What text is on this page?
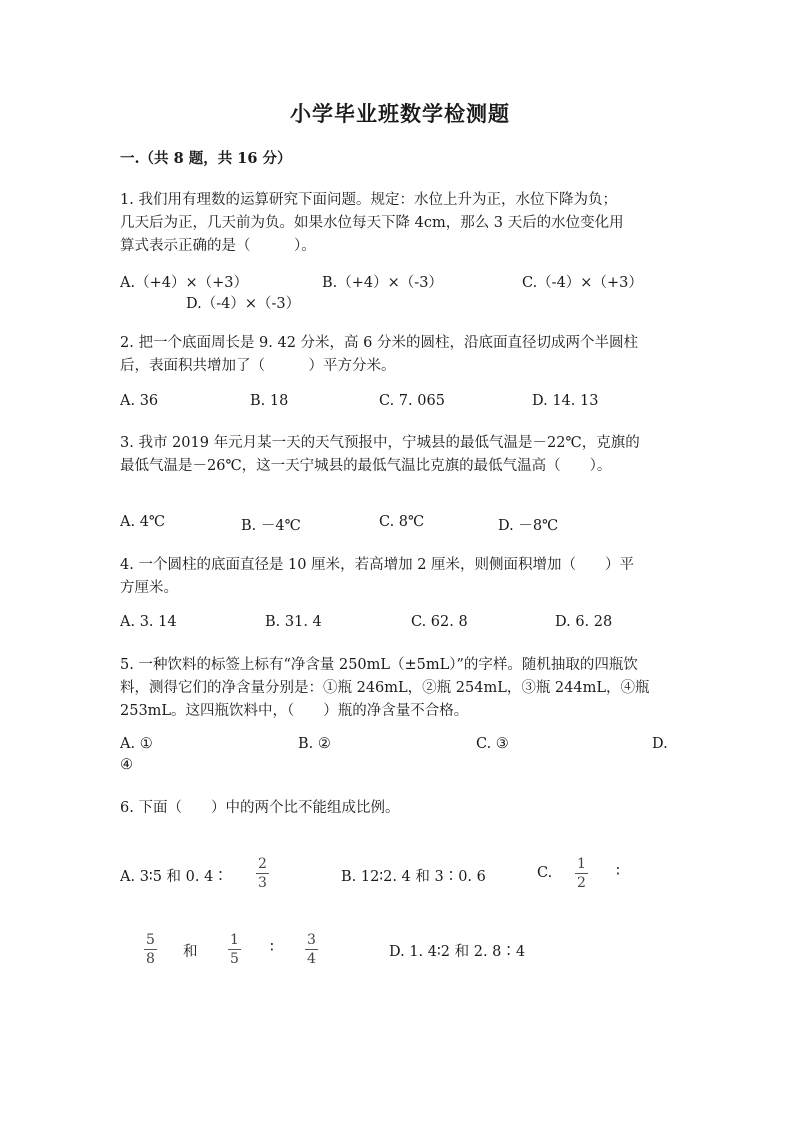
小学毕业班数学检测题
一.（共 8 题，共 16 分）
1. 我们用有理数的运算研究下面问题。规定：水位上升为正，水位下降为负；
几天后为正，几天前为负。如果水位每天下降 4cm，那么 3 天后的水位变化用
算式表示正确的是（　　　）。
A.（+4）×（+3）	B.（+4）×（-3）	C.（-4）×（+3）
D.（-4）×（-3）
2. 把一个底面周长是 9. 42 分米，高 6 分米的圆柱，沿底面直径切成两个半圆柱
后，表面积共增加了（　　　）平方分米。
A. 36	B. 18	C. 7. 065	D. 14. 13
3. 我市 2019 年元月某一天的天气预报中，宁城县的最低气温是－22℃，克旗的
最低气温是－26℃，这一天宁城县的最低气温比克旗的最低气温高（　　）。
A. 4℃	B. －4℃	C. 8℃	D. －8℃
4. 一个圆柱的底面直径是 10 厘米，若高增加 2 厘米，则侧面积增加（　　）平
方厘米。
A. 3. 14	B. 31. 4	C. 62. 8	D. 6. 28
5. 一种饮料的标签上标有“净含量 250mL（±5mL）”的字样。随机抽取的四瓶饮
料，测得它们的净含量分别是：①瓶 246mL，②瓶 254mL，③瓶 244mL，④瓶
253mL。这四瓶饮料中，（　　）瓶的净含量不合格。
A. ①	B. ②	C. ③	D.
④
6. 下面（　　）中的两个比不能组成比例。
A. 3∶5 和 0. 4∶
2
3	B. 12∶2. 4 和 3∶0. 6	C.
1
2
∶
5
8 和
1
5
∶ 3
4	D. 1. 4∶2 和 2. 8∶4
